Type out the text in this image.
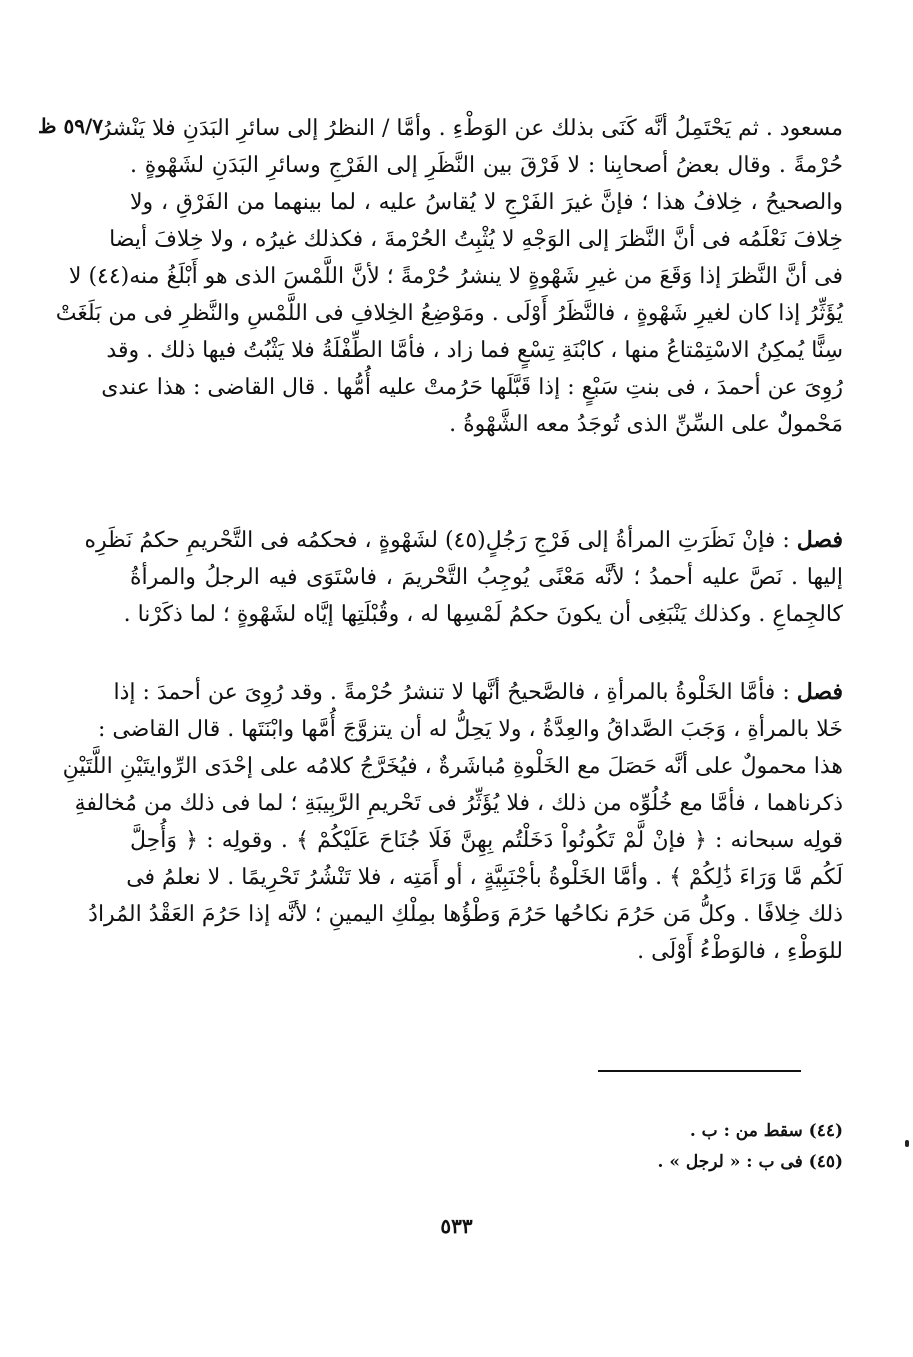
٥٩/٧ ظ
مسعود . ثم يَحْتَمِلُ أنَّه كَنَى بذلك عن الوَطْءِ . وأمَّا / النظرُ إلى سائرِ البَدَنِ فلا يَنْشرُ
حُرْمةً . وقال بعضُ أصحابِنا : لا فَرْقَ بين النَّظَرِ إلى الفَرْجِ وسائرِ البَدَنِ لشَهْوةٍ .
والصحيحُ ، خِلافُ هذا ؛ فإنَّ غيرَ الفَرْجِ لا يُقاسُ عليه ، لما بينهما من الفَرْقِ ، ولا
خِلافَ نَعْلَمُه فى أنَّ النَّظرَ إلى الوَجْهِ لا يُثْبِتُ الحُرْمةَ ، فكذلك غيرُه ، ولا خِلافَ أيضا
فى أنَّ النَّظرَ إذا وَقَعَ من غيرِ شَهْوةٍ لا ينشرُ حُرْمةً ؛ لأنَّ اللَّمْسَ الذى هو أَبْلَغُ منه(٤٤) لا
يُؤَثِّرُ إذا كان لغيرِ شَهْوةٍ ، فالنَّظَرُ أَوْلَى . ومَوْضِعُ الخِلافِ فى اللَّمْسِ والنَّظرِ فى من بَلَغَتْ
سِنًّا يُمكِنُ الاسْتِمْتاعُ منها ، كابْنَةِ تِسْعٍ فما زاد ، فأمَّا الطِّفْلَةُ فلا يَثْبُتُ فيها ذلك . وقد
رُوِىَ عن أحمدَ ، فى بنتِ سَبْعٍ : إذا قَبَّلَها حَرُمتْ عليه أُمُّها . قال القاضى : هذا عندى
مَحْمولٌ على السِّنِّ الذى تُوجَدُ معه الشَّهْوةُ .
فصل : فإنْ نَظَرَتِ المرأةُ إلى فَرْجِ رَجُلٍ(٤٥) لشَهْوةٍ ، فحكمُه فى التَّحْريمِ حكمُ نَظَرِه
إليها . نَصَّ عليه أحمدُ ؛ لأنَّه مَعْنًى يُوجِبُ التَّحْريمَ ، فاسْتَوَى فيه الرجلُ والمرأةُ
كالجِماعِ . وكذلك يَنْبَغِى أن يكونَ حكمُ لَمْسِها له ، وقُبْلَتِها إيَّاه لشَهْوةٍ ؛ لما ذكَرْنا .
فصل : فأمَّا الخَلْوةُ بالمرأةِ ، فالصَّحيحُ أنَّها لا تنشرُ حُرْمةً . وقد رُوِىَ عن أحمدَ : إذا
خَلا بالمرأةِ ، وَجَبَ الصَّداقُ والعِدَّةُ ، ولا يَحِلُّ له أن يتزوَّجَ أُمَّها وابْنَتَها . قال القاضى :
هذا محمولٌ على أنَّه حَصَلَ مع الخَلْوةِ مُباشَرةٌ ، فيُخَرَّجُ كلامُه على إحْدَى الرِّوايتَيْنِ اللَّتَيْنِ
ذكرناهما ، فأمَّا مع خُلُوِّه من ذلك ، فلا يُؤَثِّرُ فى تَحْريمِ الرَّبِيبَةِ ؛ لما فى ذلك من مُخالفةِ
قولِه سبحانه : ﴿ فإنْ لَّمْ تَكُونُواْ دَخَلْتُم بِهِنَّ فَلَا جُنَاحَ عَلَيْكُمْ ﴾ . وقولِه : ﴿ وَأُحِلَّ
لَكُم مَّا وَرَاءَ ذَٰلِكُمْ ﴾ . وأمَّا الخَلْوةُ بأجْنَبِيَّةٍ ، أو أَمَتِه ، فلا تَنْشُرُ تَحْرِيمًا . لا نعلمُ فى
ذلك خِلافًا . وكلُّ مَن حَرُمَ نكاحُها حَرُمَ وَطْؤُها بمِلْكِ اليمينِ ؛ لأنَّه إذا حَرُمَ العَقْدُ المُرادُ
للوَطْءِ ، فالوَطْءُ أَوْلَى .
(٤٤) سقط من : ب .
(٤٥) فى ب : « لرجل » .
٥٣٣
